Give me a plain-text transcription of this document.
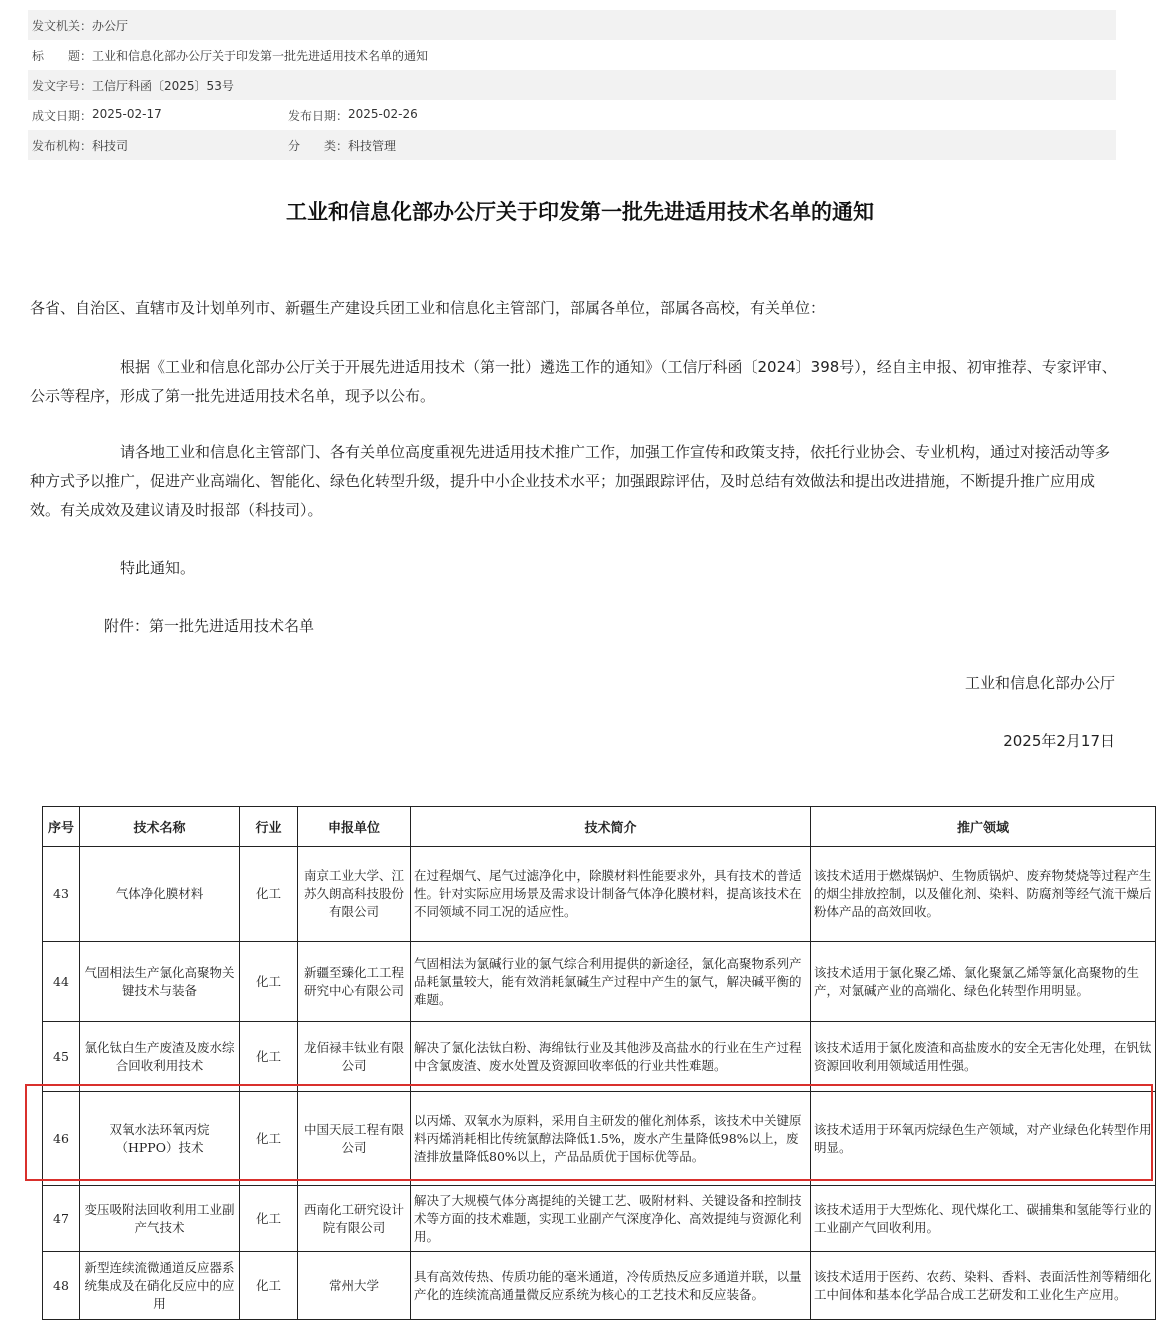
发文机关： 办公厅
标　　题： 工业和信息化部办公厅关于印发第一批先进适用技术名单的通知
发文字号： 工信厅科函〔2025〕53号
成文日期： 2025-02-17	发布日期： 2025-02-26
发布机构： 科技司	分　　类： 科技管理
工业和信息化部办公厅关于印发第一批先进适用技术名单的通知
各省、自治区、直辖市及计划单列市、新疆生产建设兵团工业和信息化主管部门，部属各单位，部属各高校，有关单位：
根据《工业和信息化部办公厅关于开展先进适用技术（第一批）遴选工作的通知》（工信厅科函〔2024〕398号），经自主申报、初审推荐、专家评审、公示等程序，形成了第一批先进适用技术名单，现予以公布。
请各地工业和信息化主管部门、各有关单位高度重视先进适用技术推广工作，加强工作宣传和政策支持，依托行业协会、专业机构，通过对接活动等多种方式予以推广，促进产业高端化、智能化、绿色化转型升级，提升中小企业技术水平；加强跟踪评估，及时总结有效做法和提出改进措施，不断提升推广应用成效。有关成效及建议请及时报部（科技司）。
特此通知。
附件：第一批先进适用技术名单
工业和信息化部办公厅
2025年2月17日
序号	技术名称	行业	申报单位	技术简介	推广领域
43	气体净化膜材料	化工	南京工业大学、江苏久朗高科技股份有限公司	在过程烟气、尾气过滤净化中，除膜材料性能要求外，具有技术的普适性。针对实际应用场景及需求设计制备气体净化膜材料，提高该技术在不同领域不同工况的适应性。	该技术适用于燃煤锅炉、生物质锅炉、废弃物焚烧等过程产生的烟尘排放控制，以及催化剂、染料、防腐剂等经气流干燥后粉体产品的高效回收。
44	气固相法生产氯化高聚物关键技术与装备	化工	新疆至臻化工工程研究中心有限公司	气固相法为氯碱行业的氯气综合利用提供的新途径，氯化高聚物系列产品耗氯量较大，能有效消耗氯碱生产过程中产生的氯气，解决碱平衡的难题。	该技术适用于氯化聚乙烯、氯化聚氯乙烯等氯化高聚物的生产，对氯碱产业的高端化、绿色化转型作用明显。
45	氯化钛白生产废渣及废水综合回收利用技术	化工	龙佰禄丰钛业有限公司	解决了氯化法钛白粉、海绵钛行业及其他涉及高盐水的行业在生产过程中含氯废渣、废水处置及资源回收率低的行业共性难题。	该技术适用于氯化废渣和高盐废水的安全无害化处理，在钒钛资源回收利用领域适用性强。
46	双氧水法环氧丙烷（HPPO）技术	化工	中国天辰工程有限公司	以丙烯、双氧水为原料，采用自主研发的催化剂体系，该技术中关键原料丙烯消耗相比传统氯醇法降低1.5%，废水产生量降低98%以上，废渣排放量降低80%以上，产品品质优于国标优等品。	该技术适用于环氧丙烷绿色生产领域，对产业绿色化转型作用明显。
47	变压吸附法回收利用工业副产气技术	化工	西南化工研究设计院有限公司	解决了大规模气体分离提纯的关键工艺、吸附材料、关键设备和控制技术等方面的技术难题，实现工业副产气深度净化、高效提纯与资源化利用。	该技术适用于大型炼化、现代煤化工、碳捕集和氢能等行业的工业副产气回收利用。
48	新型连续流微通道反应器系统集成及在硝化反应中的应用	化工	常州大学	具有高效传热、传质功能的毫米通道，冷传质热反应多通道并联，以量产化的连续流高通量微反应系统为核心的工艺技术和反应装备。	该技术适用于医药、农药、染料、香料、表面活性剂等精细化工中间体和基本化学品合成工艺研发和工业化生产应用。
